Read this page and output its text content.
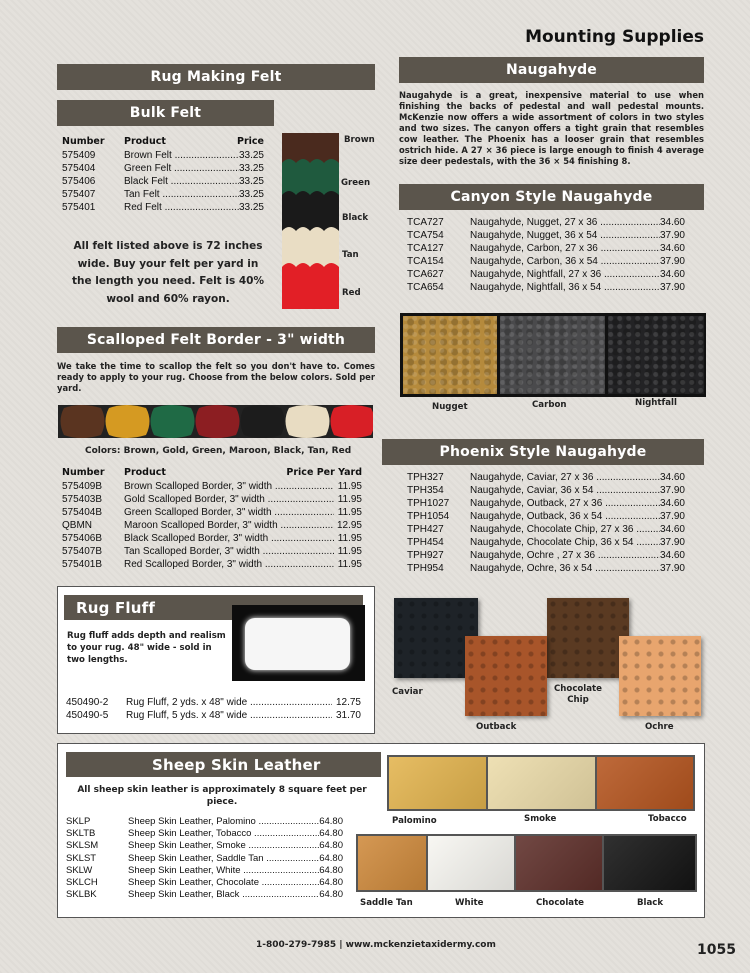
Mounting Supplies
Rug Making Felt
Bulk Felt
Number	Product	Price
575409	Brown Felt .....	33.25
575404	Green Felt .....	33.25
575406	Black Felt .....	33.25
575407	Tan Felt .....	33.25
575401	Red Felt .....	33.25
All felt listed above is 72 inches wide. Buy your felt per yard in the length you need. Felt is 40% wool and 60% rayon.
Brown
Green
Black
Tan
Red
Scalloped Felt Border - 3" width
We take the time to scallop the felt so you don't have to. Comes ready to apply to your rug. Choose from the below colors. Sold per yard.
Colors: Brown, Gold, Green, Maroon, Black, Tan, Red
Number	Product	Price Per Yard
575409B	Brown Scalloped Border, 3" width .....	11.95
575403B	Gold Scalloped Border, 3" width .....	11.95
575404B	Green Scalloped Border, 3" width .....	11.95
QBMN	Maroon Scalloped Border, 3" width .....	12.95
575406B	Black Scalloped Border, 3" width .....	11.95
575407B	Tan Scalloped Border, 3" width .....	11.95
575401B	Red Scalloped Border, 3" width .....	11.95
Rug Fluff
Rug fluff adds depth and realism to your rug. 48" wide - sold in two lengths.
450490-2	Rug Fluff, 2 yds. x 48" wide .....	12.75
450490-5	Rug Fluff, 5 yds. x 48" wide .....	31.70
Naugahyde
Naugahyde is a great, inexpensive material to use when finishing the backs of pedestal and wall pedestal mounts. McKenzie now offers a wide assortment of colors in two styles and two sizes. The canyon offers a tight grain that resembles cow leather. The Phoenix has a looser grain that resembles ostrich hide. A 27 × 36 piece is large enough to finish 4 average size deer pedestals, with the 36 × 54 finishing 8.
Canyon Style Naugahyde
TCA727	Naugahyde, Nugget, 27 x 36 .....	34.60
TCA754	Naugahyde, Nugget, 36 x 54 .....	37.90
TCA127	Naugahyde, Carbon, 27 x 36 .....	34.60
TCA154	Naugahyde, Carbon, 36 x 54 .....	37.90
TCA627	Naugahyde, Nightfall, 27 x 36 .....	34.60
TCA654	Naugahyde, Nightfall, 36 x 54 .....	37.90
Nugget	Carbon	Nightfall
Phoenix Style Naugahyde
TPH327	Naugahyde, Caviar, 27 x 36 .....	34.60
TPH354	Naugahyde, Caviar, 36 x 54 .....	37.90
TPH1027	Naugahyde, Outback, 27 x 36 .....	34.60
TPH1054	Naugahyde, Outback, 36 x 54 .....	37.90
TPH427	Naugahyde, Chocolate Chip, 27 x 36 .....	34.60
TPH454	Naugahyde, Chocolate Chip, 36 x 54 .....	37.90
TPH927	Naugahyde, Ochre , 27 x 36 .....	34.60
TPH954	Naugahyde, Ochre, 36 x 54 .....	37.90
Caviar
Outback
Chocolate Chip
Ochre
Sheep Skin Leather
All sheep skin leather is approximately 8 square feet per piece.
SKLP	Sheep Skin Leather, Palomino .....	64.80
SKLTB	Sheep Skin Leather, Tobacco .....	64.80
SKLSM	Sheep Skin Leather, Smoke .....	64.80
SKLST	Sheep Skin Leather, Saddle Tan .....	64.80
SKLW	Sheep Skin Leather, White .....	64.80
SKLCH	Sheep Skin Leather, Chocolate .....	64.80
SKLBK	Sheep Skin Leather, Black .....	64.80
Palomino	Smoke	Tobacco
Saddle Tan	White	Chocolate	Black
1-800-279-7985 | www.mckenzietaxidermy.com	1055
